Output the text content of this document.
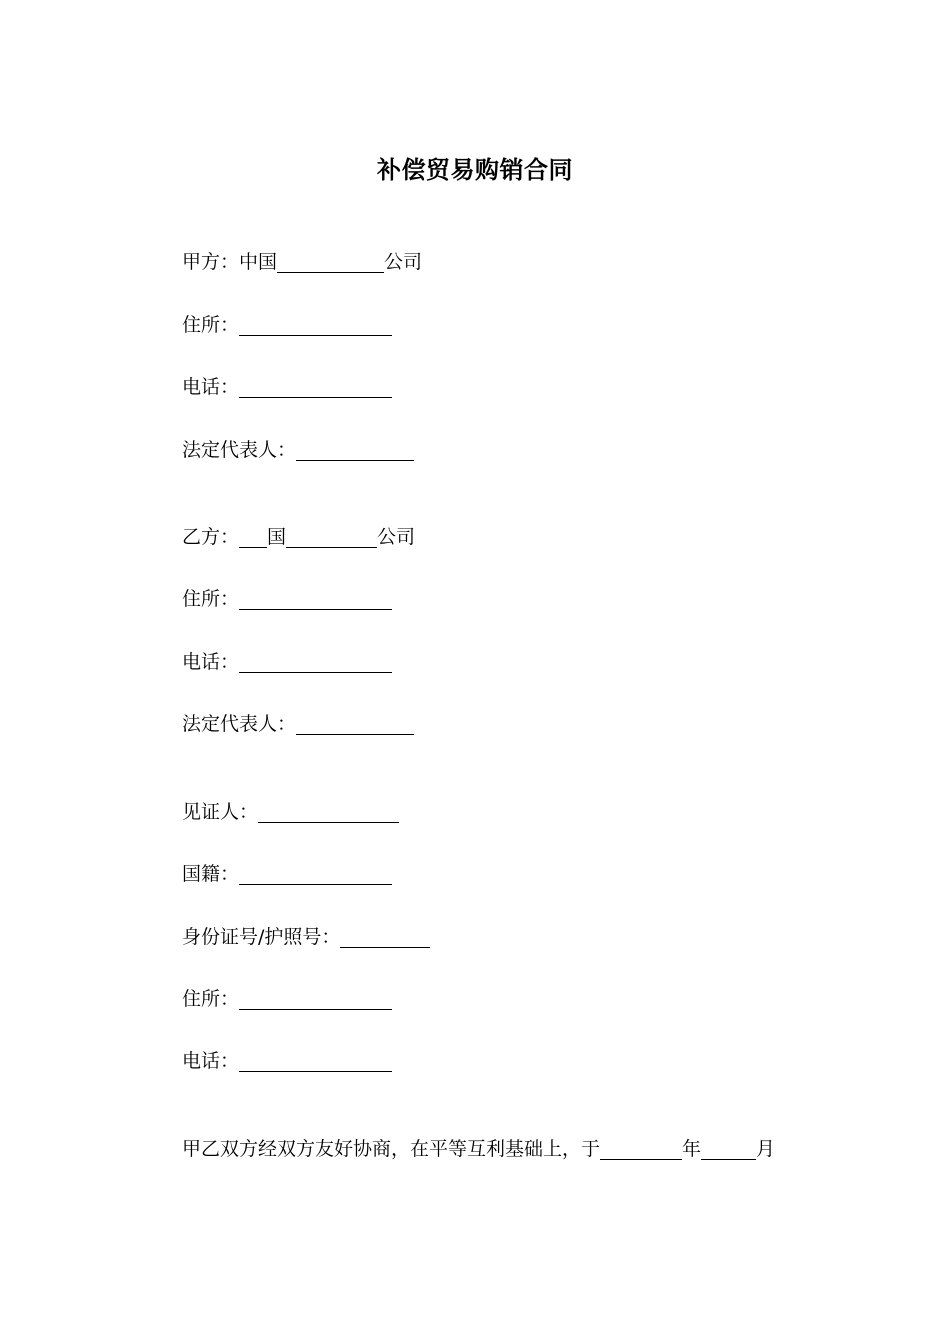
补偿贸易购销合同
甲方： 中国	公司
住所：
电话：
法定代表人：
乙方： 国	公司
住所：
电话：
法定代表人：
见证人：
国籍：
身份证号/护照号：
住所：
电话：
甲乙双方经双方友好协商，在平等互利基础上，于	年	月
